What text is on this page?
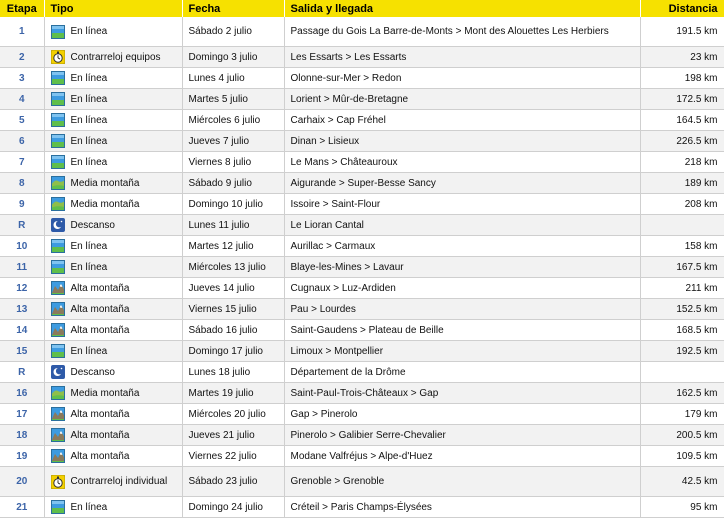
Etapa	Tipo	Fecha	Salida y llegada	Distancia
1	En línea	Sábado 2 julio	Passage du Gois La Barre-de-Monts > Mont des Alouettes Les Herbiers	191.5 km
2	Contrarreloj equipos	Domingo 3 julio	Les Essarts > Les Essarts	23 km
3	En línea	Lunes 4 julio	Olonne-sur-Mer > Redon	198 km
4	En línea	Martes 5 julio	Lorient > Mûr-de-Bretagne	172.5 km
5	En línea	Miércoles 6 julio	Carhaix > Cap Fréhel	164.5 km
6	En línea	Jueves 7 julio	Dinan > Lisieux	226.5 km
7	En línea	Viernes 8 julio	Le Mans > Châteauroux	218 km
8	Media montaña	Sábado 9 julio	Aigurande > Super-Besse Sancy	189 km
9	Media montaña	Domingo 10 julio	Issoire > Saint-Flour	208 km
R	Descanso	Lunes 11 julio	Le Lioran Cantal	
10	En línea	Martes 12 julio	Aurillac > Carmaux	158 km
11	En línea	Miércoles 13 julio	Blaye-les-Mines > Lavaur	167.5 km
12	Alta montaña	Jueves 14 julio	Cugnaux > Luz-Ardiden	211 km
13	Alta montaña	Viernes 15 julio	Pau > Lourdes	152.5 km
14	Alta montaña	Sábado 16 julio	Saint-Gaudens > Plateau de Beille	168.5 km
15	En línea	Domingo 17 julio	Limoux > Montpellier	192.5 km
R	Descanso	Lunes 18 julio	Département de la Drôme	
16	Media montaña	Martes 19 julio	Saint-Paul-Trois-Châteaux > Gap	162.5 km
17	Alta montaña	Miércoles 20 julio	Gap > Pinerolo	179 km
18	Alta montaña	Jueves 21 julio	Pinerolo > Galibier Serre-Chevalier	200.5 km
19	Alta montaña	Viernes 22 julio	Modane Valfréjus > Alpe-d'Huez	109.5 km
20	Contrarreloj individual	Sábado 23 julio	Grenoble > Grenoble	42.5 km
21	En línea	Domingo 24 julio	Créteil > Paris Champs-Élysées	95 km
